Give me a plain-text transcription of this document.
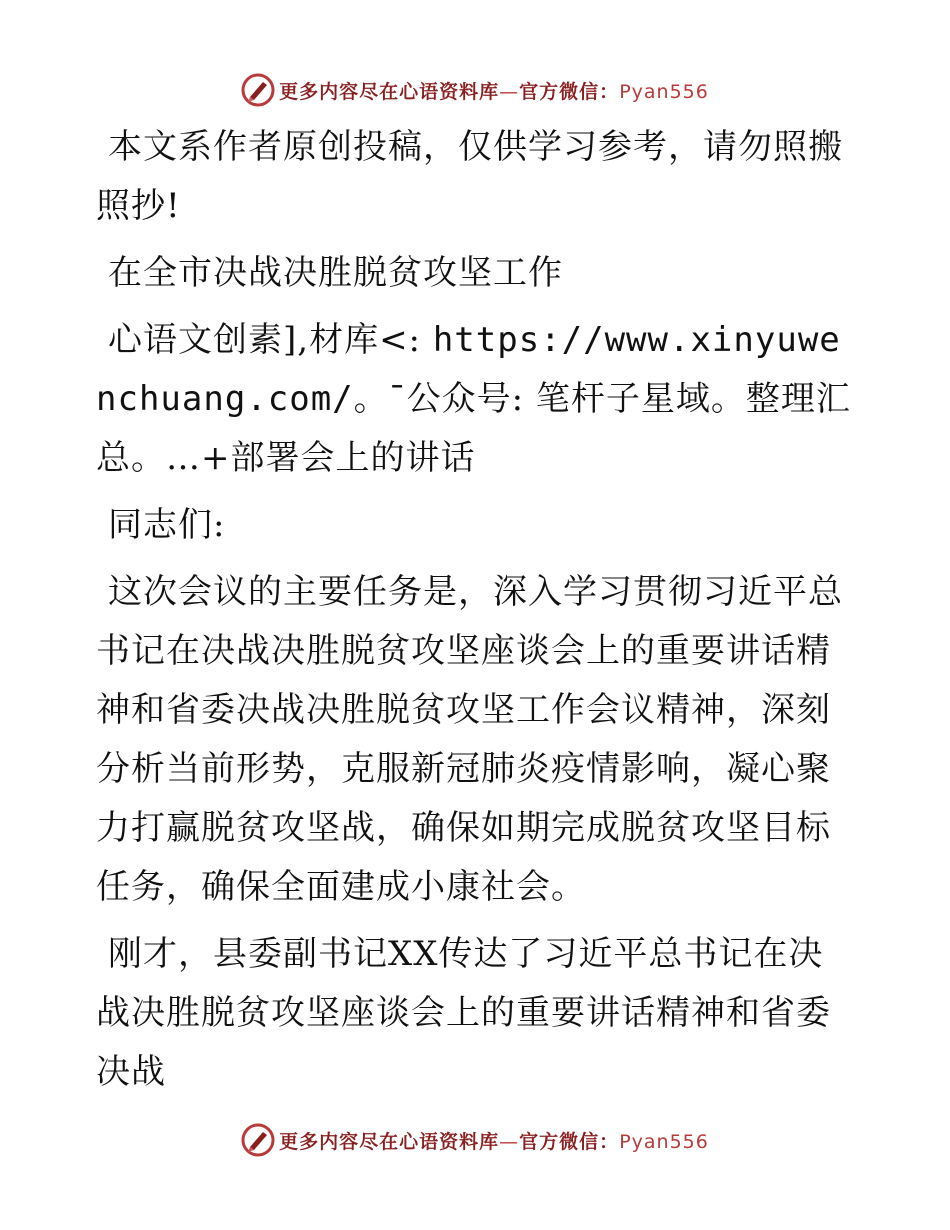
更多内容尽在心语资料库—官方微信：Pyan556

本文系作者原创投稿，仅供学习参考，请勿照搬照抄!

在全市决战决胜脱贫攻坚工作

心语文创素],材库<: https://www.xinyuwenchuang.com/。¯公众号: 笔杆子星域。整理汇总。…+部署会上的讲话

同志们:

这次会议的主要任务是，深入学习贯彻习近平总书记在决战决胜脱贫攻坚座谈会上的重要讲话精神和省委决战决胜脱贫攻坚工作会议精神，深刻分析当前形势，克服新冠肺炎疫情影响，凝心聚力打赢脱贫攻坚战，确保如期完成脱贫攻坚目标任务，确保全面建成小康社会。

刚才，县委副书记XX传达了习近平总书记在决战决胜脱贫攻坚座谈会上的重要讲话精神和省委决战

更多内容尽在心语资料库—官方微信：Pyan556
